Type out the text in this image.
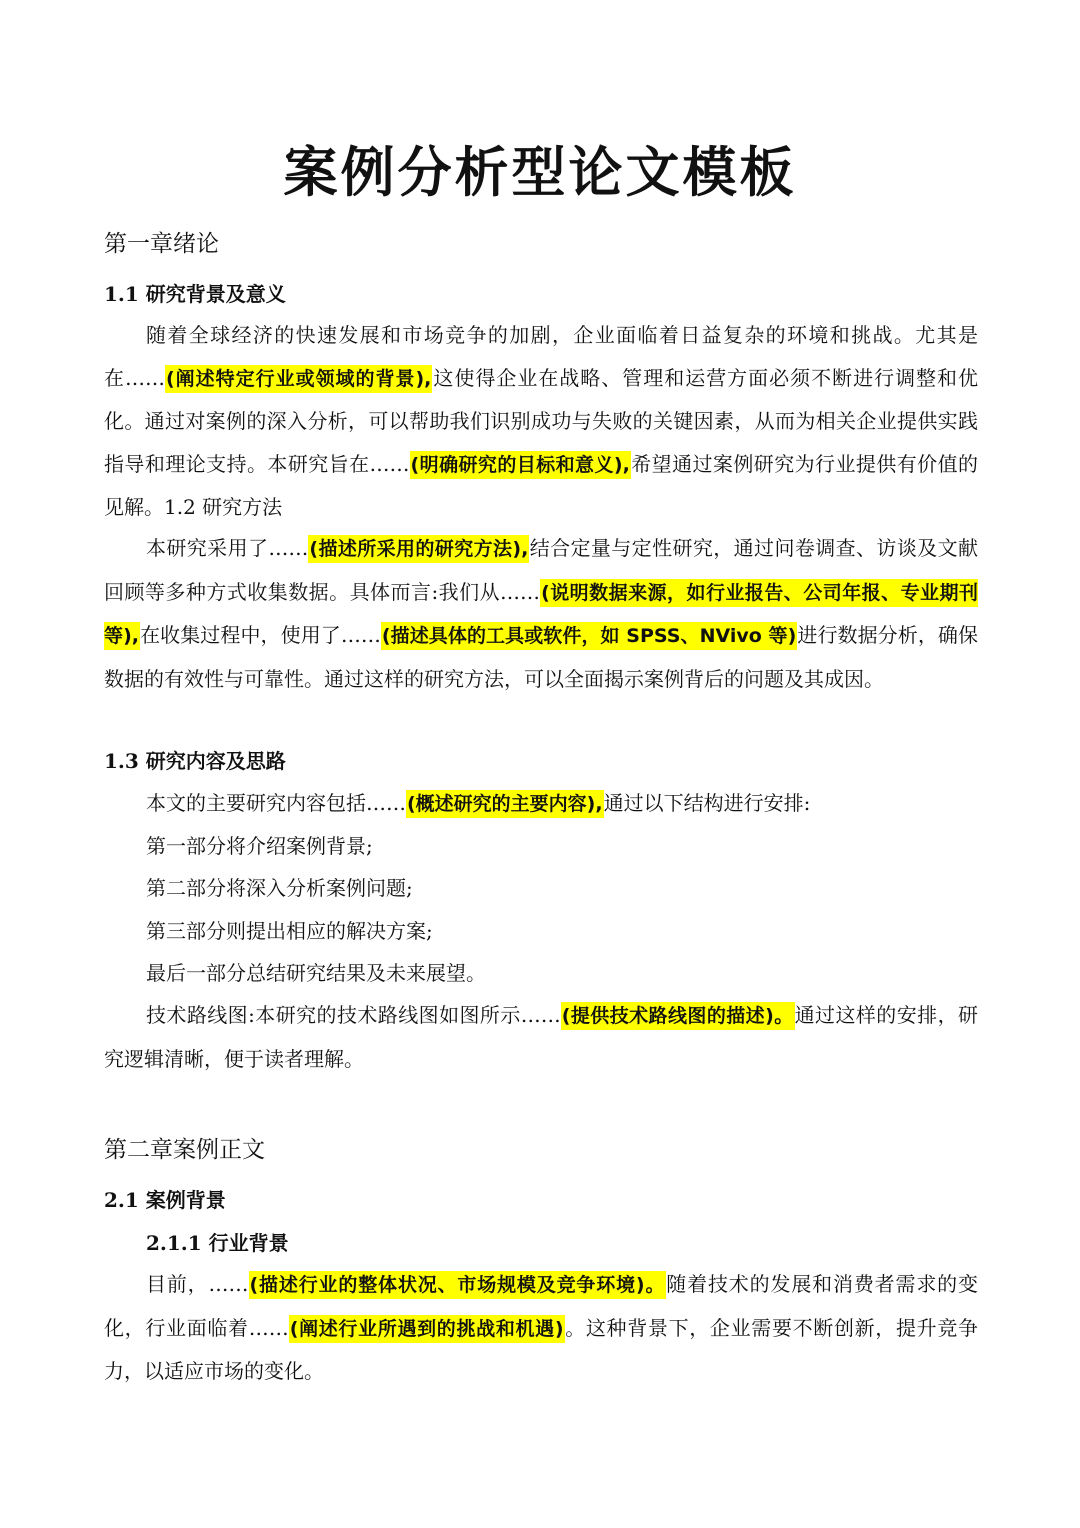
案例分析型论文模板
第一章绪论
1.1 研究背景及意义

随着全球经济的快速发展和市场竞争的加剧，企业面临着日益复杂的环境和挑战。尤其是在……(阐述特定行业或领域的背景),这使得企业在战略、管理和运营方面必须不断进行调整和优化。通过对案例的深入分析，可以帮助我们识别成功与失败的关键因素，从而为相关企业提供实践指导和理论支持。本研究旨在……(明确研究的目标和意义),希望通过案例研究为行业提供有价值的见解。1.2 研究方法

本研究采用了……(描述所采用的研究方法),结合定量与定性研究，通过问卷调查、访谈及文献回顾等多种方式收集数据。具体而言:我们从……(说明数据来源，如行业报告、公司年报、专业期刊等),在收集过程中，使用了……(描述具体的工具或软件，如 SPSS、NVivo 等)进行数据分析，确保数据的有效性与可靠性。通过这样的研究方法，可以全面揭示案例背后的问题及其成因。

1.3 研究内容及思路

本文的主要研究内容包括……(概述研究的主要内容),通过以下结构进行安排:

第一部分将介绍案例背景;

第二部分将深入分析案例问题;

第三部分则提出相应的解决方案;

最后一部分总结研究结果及未来展望。

技术路线图:本研究的技术路线图如图所示……(提供技术路线图的描述)。通过这样的安排，研究逻辑清晰，便于读者理解。

第二章案例正文
2.1 案例背景
2.1.1 行业背景

目前，……(描述行业的整体状况、市场规模及竞争环境)。随着技术的发展和消费者需求的变化，行业面临着……(阐述行业所遇到的挑战和机遇)。这种背景下，企业需要不断创新，提升竞争力，以适应市场的变化。
